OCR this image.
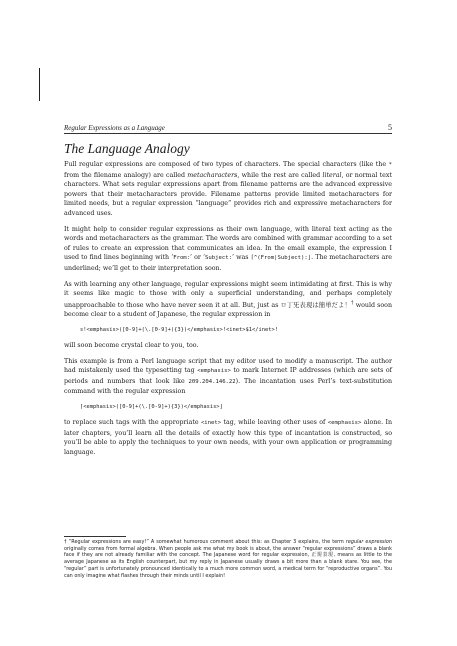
Regular Expressions as a Language	5
The Language Analogy

Full regular expressions are composed of two types of characters. The special characters (like the * from the filename analogy) are called metacharacters, while the rest are called literal, or normal text characters. What sets regular expressions apart from filename patterns are the advanced expressive powers that their metacharacters provide. Filename patterns provide limited metacharacters for limited needs, but a regular expression “language” provides rich and expressive metacharacters for advanced uses.

It might help to consider regular expressions as their own language, with literal text acting as the words and metacharacters as the grammar. The words are combined with grammar according to a set of rules to create an expression that communicates an idea. In the email example, the expression I used to find lines beginning with ‘From:’ or ‘Subject:’ was ⌈^(From|Subject):⌋. The metacharacters are underlined; we’ll get to their interpretation soon.

As with learning any other language, regular expressions might seem intimidating at first. This is why it seems like magic to those with only a superficial understanding, and perhaps completely unapproachable to those who have never seen it at all. But, just as ㅁ丁⺛表現は簡単だよ！† would soon become clear to a student of Japanese, the regular expression in

s!<emphasis>([0-9]+(\.[0-9]+){3})</emphasis>!<inet>$1</inet>!

will soon become crystal clear to you, too.

This example is from a Perl language script that my editor used to modify a manuscript. The author had mistakenly used the typesetting tag <emphasis> to mark Internet IP addresses (which are sets of periods and numbers that look like 209.204.146.22). The incantation uses Perl’s text-substitution command with the regular expression

⌈<emphasis>([0-9]+(\.[0-9]+){3})</emphasis>⌋

to replace such tags with the appropriate <inet> tag, while leaving other uses of <emphasis> alone. In later chapters, you’ll learn all the details of exactly how this type of incantation is constructed, so you’ll be able to apply the techniques to your own needs, with your own application or programming language.

† “Regular expressions are easy!” A somewhat humorous comment about this: as Chapter 3 explains, the term regular expression originally comes from formal algebra. When people ask me what my book is about, the answer “regular expressions” draws a blank face if they are not already familiar with the concept. The Japanese word for regular expression, 正規表現, means as little to the average Japanese as its English counterpart, but my reply in Japanese usually draws a bit more than a blank stare. You see, the “regular” part is unfortunately pronounced identically to a much more common word, a medical term for “reproductive organs”. You can only imagine what flashes through their minds until I explain!
